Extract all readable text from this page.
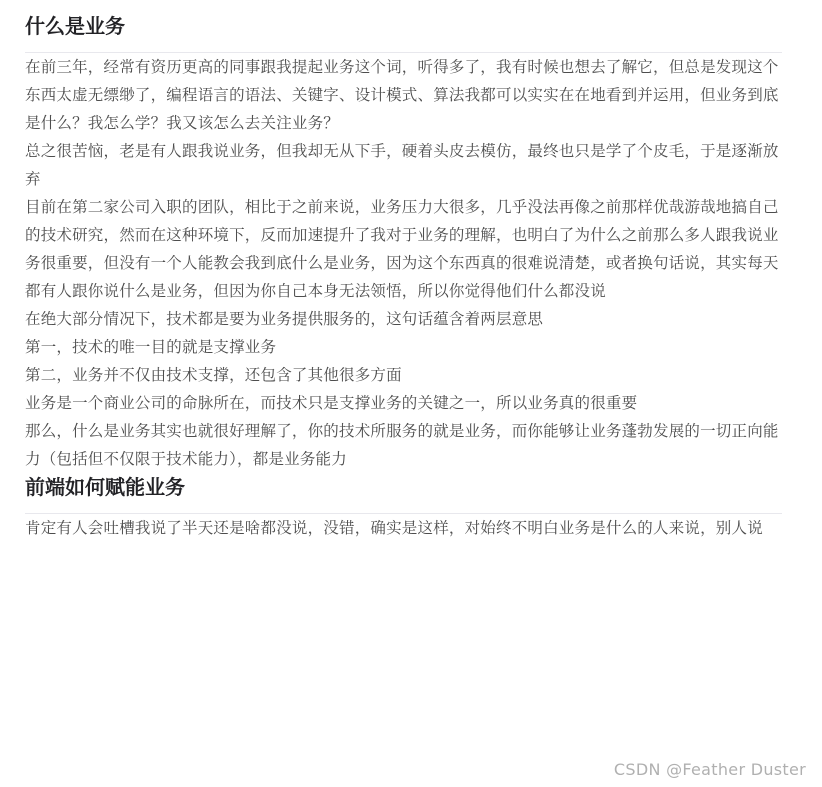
什么是业务

在前三年，经常有资历更高的同事跟我提起业务这个词，听得多了，我有时候也想去了解它，但总是发现这个东西太虚无缥缈了，编程语言的语法、关键字、设计模式、算法我都可以实实在在地看到并运用，但业务到底是什么？我怎么学？我又该怎么去关注业务？

总之很苦恼，老是有人跟我说业务，但我却无从下手，硬着头皮去模仿，最终也只是学了个皮毛，于是逐渐放弃

目前在第二家公司入职的团队，相比于之前来说，业务压力大很多，几乎没法再像之前那样优哉游哉地搞自己的技术研究，然而在这种环境下，反而加速提升了我对于业务的理解，也明白了为什么之前那么多人跟我说业务很重要，但没有一个人能教会我到底什么是业务，因为这个东西真的很难说清楚，或者换句话说，其实每天都有人跟你说什么是业务，但因为你自己本身无法领悟，所以你觉得他们什么都没说

在绝大部分情况下，技术都是要为业务提供服务的，这句话蕴含着两层意思

第一，技术的唯一目的就是支撑业务

第二，业务并不仅由技术支撑，还包含了其他很多方面

业务是一个商业公司的命脉所在，而技术只是支撑业务的关键之一，所以业务真的很重要

那么，什么是业务其实也就很好理解了，你的技术所服务的就是业务，而你能够让业务蓬勃发展的一切正向能力（包括但不仅限于技术能力），都是业务能力

前端如何赋能业务

肯定有人会吐槽我说了半天还是啥都没说，没错，确实是这样，对始终不明白业务是什么的人来说，别人说

CSDN @Feather Duster
